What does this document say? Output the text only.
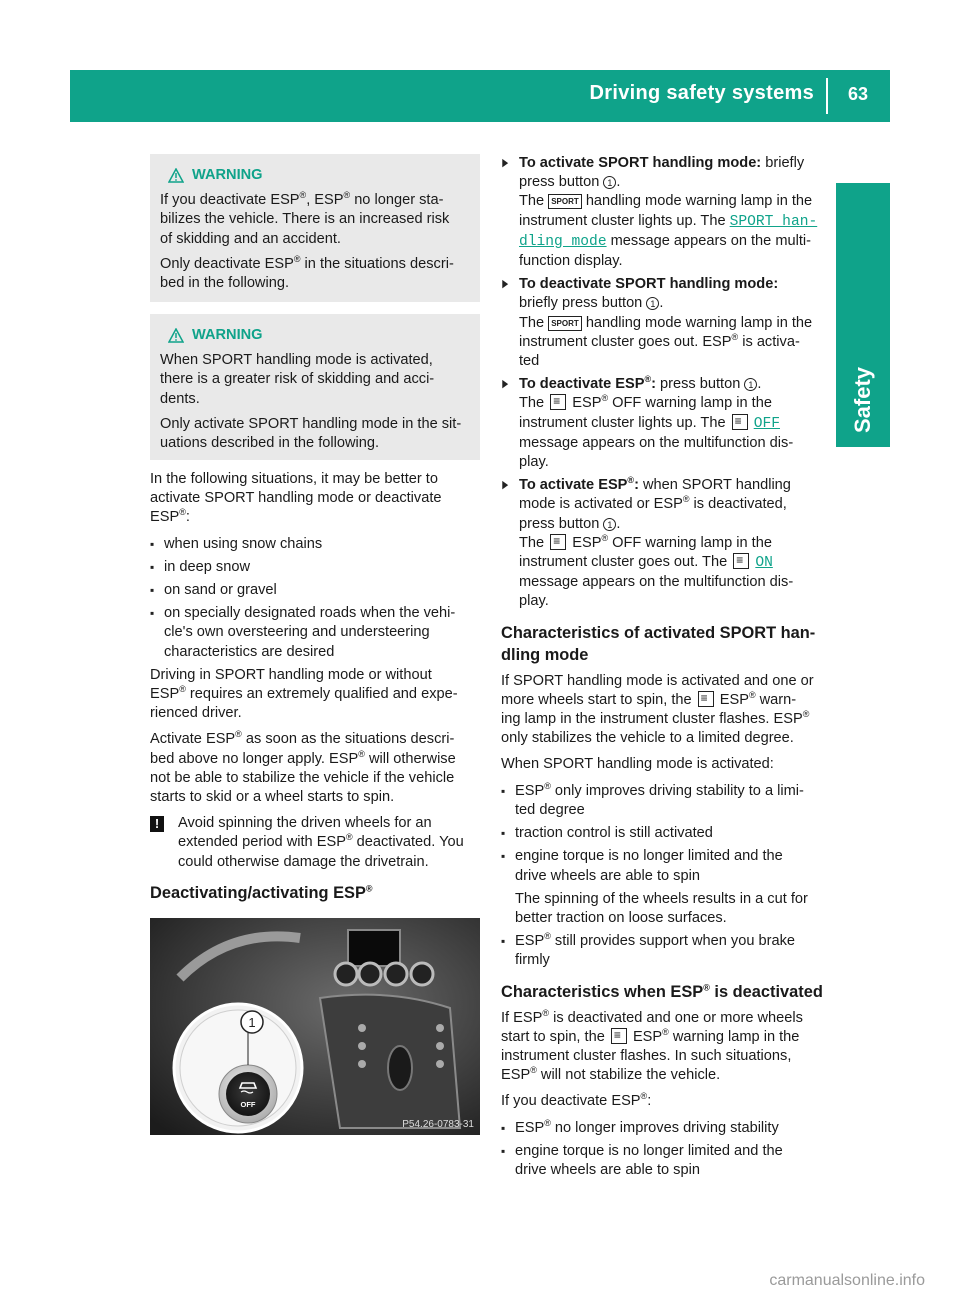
Driving safety systems 63
Safety
WARNING

If you deactivate ESP®, ESP® no longer sta-
bilizes the vehicle. There is an increased risk
of skidding and an accident.

Only deactivate ESP® in the situations descri-
bed in the following.

WARNING

When SPORT handling mode is activated,
there is a greater risk of skidding and acci-
dents.

Only activate SPORT handling mode in the sit-
uations described in the following.

In the following situations, it may be better to
activate SPORT handling mode or deactivate
ESP®:

▪ when using snow chains
▪ in deep snow
▪ on sand or gravel
▪ on specially designated roads when the vehi-
cle's own oversteering and understeering
characteristics are desired

Driving in SPORT handling mode or without
ESP® requires an extremely qualified and expe-
rienced driver.

Activate ESP® as soon as the situations descri-
bed above no longer apply. ESP® will otherwise
not be able to stabilize the vehicle if the vehicle
starts to skid or a wheel starts to spin.

!	Avoid spinning the driven wheels for an
extended period with ESP® deactivated. You
could otherwise damage the drivetrain.

Deactivating/activating ESP®
OFF
1
P54.26-0783-31
▶ To activate SPORT handling mode: briefly
press button 1 .
The SPORT handling mode warning lamp in the
instrument cluster lights up. The SPORT han‐
dling mode message appears on the multi-
function display.
▶ To deactivate SPORT handling mode:
briefly press button 1 .
The SPORT handling mode warning lamp in the
instrument cluster goes out. ESP® is activa-
ted
▶ To deactivate ESP®: press button 1 .
The ≡ ESP® OFF warning lamp in the
instrument cluster lights up. The ≡ OFF
message appears on the multifunction dis-
play.
▶ To activate ESP®: when SPORT handling
mode is activated or ESP® is deactivated,
press button 1 .
The ≡ ESP® OFF warning lamp in the
instrument cluster goes out. The ≡ ON
message appears on the multifunction dis-
play.
Characteristics of activated SPORT han-
dling mode

If SPORT handling mode is activated and one or
more wheels start to spin, the ≡ ESP® warn-
ing lamp in the instrument cluster flashes. ESP®
only stabilizes the vehicle to a limited degree.

When SPORT handling mode is activated:

▪ ESP® only improves driving stability to a limi-
ted degree
▪ traction control is still activated
▪ engine torque is no longer limited and the
drive wheels are able to spin
The spinning of the wheels results in a cut for
better traction on loose surfaces.
▪ ESP® still provides support when you brake
firmly
Characteristics when ESP® is deactivated

If ESP® is deactivated and one or more wheels
start to spin, the ≡ ESP® warning lamp in the
instrument cluster flashes. In such situations,
ESP® will not stabilize the vehicle.

If you deactivate ESP®:

▪ ESP® no longer improves driving stability
▪ engine torque is no longer limited and the
drive wheels are able to spin
carmanualsonline.info
